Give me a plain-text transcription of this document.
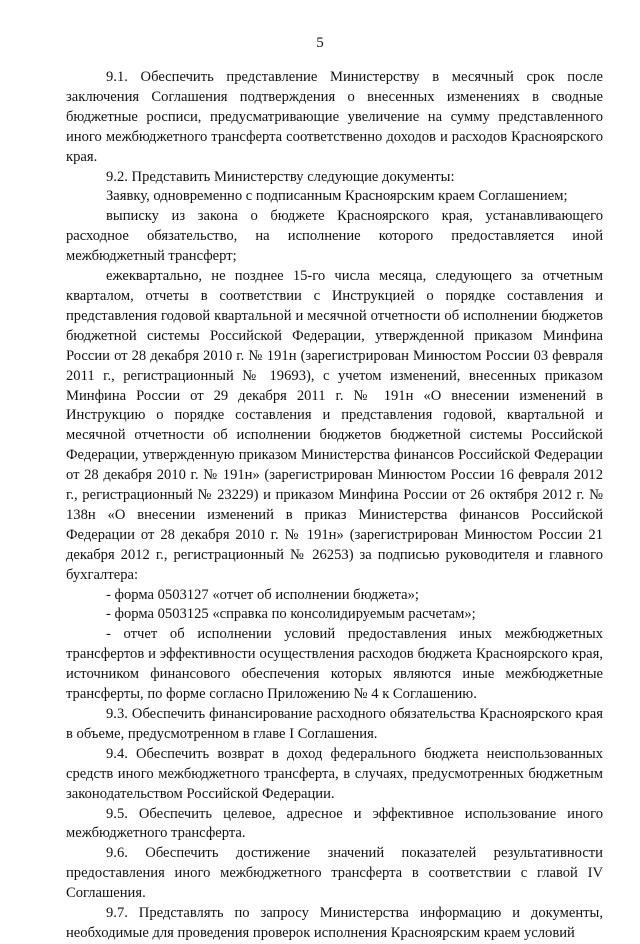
5

9.1. Обеспечить представление Министерству в месячный срок после заключения Соглашения подтверждения о внесенных изменениях в сводные бюджетные росписи, предусматривающие увеличение на сумму представленного иного межбюджетного трансферта соответственно доходов и расходов Красноярского края.

9.2. Представить Министерству следующие документы:

Заявку, одновременно с подписанным Красноярским краем Соглашением;

выписку из закона о бюджете Красноярского края, устанавливающего расходное обязательство, на исполнение которого предоставляется иной межбюджетный трансферт;

ежеквартально, не позднее 15-го числа месяца, следующего за отчетным кварталом, отчеты в соответствии с Инструкцией о порядке составления и представления годовой квартальной и месячной отчетности об исполнении бюджетов бюджетной системы Российской Федерации, утвержденной приказом Минфина России от 28 декабря 2010 г. № 191н (зарегистрирован Минюстом России 03 февраля 2011 г., регистрационный № 19693), с учетом изменений, внесенных приказом Минфина России от 29 декабря 2011 г. № 191н «О внесении изменений в Инструкцию о порядке составления и представления годовой, квартальной и месячной отчетности об исполнении бюджетов бюджетной системы Российской Федерации, утвержденную приказом Министерства финансов Российской Федерации от 28 декабря 2010 г. № 191н» (зарегистрирован Минюстом России 16 февраля 2012 г., регистрационный № 23229) и приказом Минфина России от 26 октября 2012 г. № 138н «О внесении изменений в приказ Министерства финансов Российской Федерации от 28 декабря 2010 г. № 191н» (зарегистрирован Минюстом России 21 декабря 2012 г., регистрационный № 26253) за подписью руководителя и главного бухгалтера:

- форма 0503127 «отчет об исполнении бюджета»;

- форма 0503125 «справка по консолидируемым расчетам»;

- отчет об исполнении условий предоставления иных межбюджетных трансфертов и эффективности осуществления расходов бюджета Красноярского края, источником финансового обеспечения которых являются иные межбюджетные трансферты, по форме согласно Приложению № 4 к Соглашению.

9.3. Обеспечить финансирование расходного обязательства Красноярского края в объеме, предусмотренном в главе I Соглашения.

9.4. Обеспечить возврат в доход федерального бюджета неиспользованных средств иного межбюджетного трансферта, в случаях, предусмотренных бюджетным законодательством Российской Федерации.

9.5. Обеспечить целевое, адресное и эффективное использование иного межбюджетного трансферта.

9.6. Обеспечить достижение значений показателей результативности предоставления иного межбюджетного трансферта в соответствии с главой IV Соглашения.

9.7. Представлять по запросу Министерства информацию и документы, необходимые для проведения проверок исполнения Красноярским краем условий
